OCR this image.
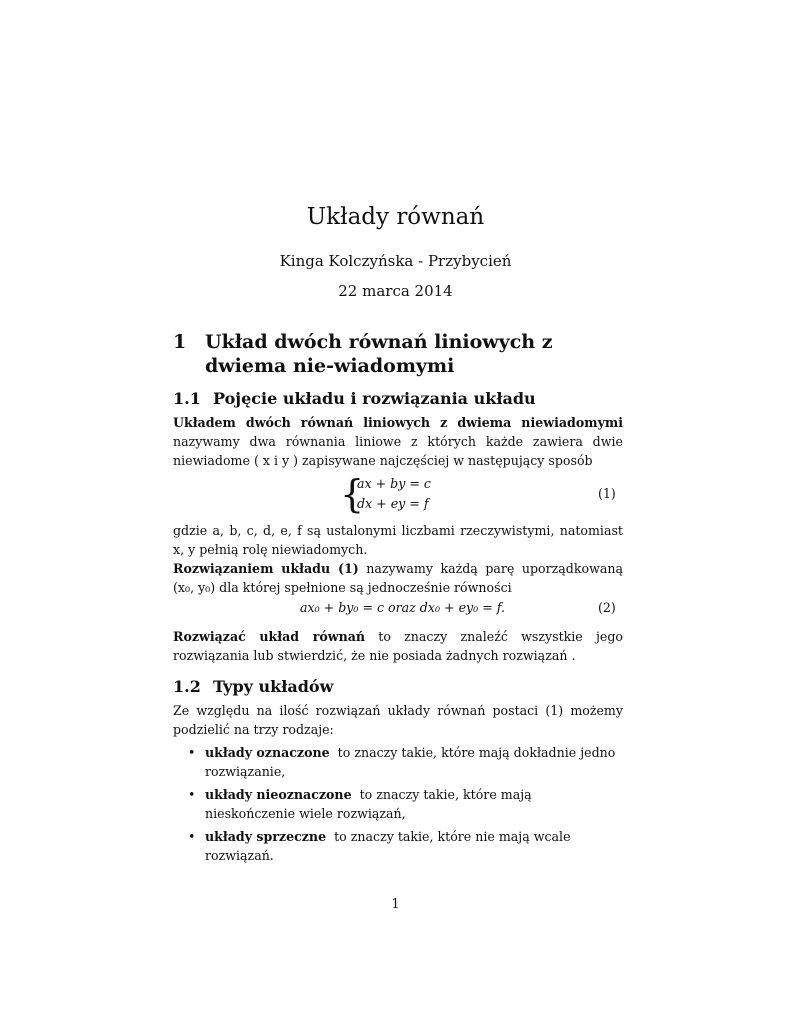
Układy równań
Kinga Kolczyńska - Przybycień
22 marca 2014
1 Układ dwóch równań liniowych z dwiema nie-wiadomymi
1.1 Pojęcie układu i rozwiązania układu
Układem dwóch równań liniowych z dwiema niewiadomymi nazywamy dwa równania liniowe z których każde zawiera dwie niewiadome ( x i y ) zapisywane najczęściej w następujący sposób
{
ax + by = c
dx + ey = f
(1)
gdzie a, b, c, d, e, f są ustalonymi liczbami rzeczywistymi, natomiast x, y pełnią rolę niewiadomych.
Rozwiązaniem układu (1) nazywamy każdą parę uporządkowaną (x₀, y₀) dla której spełnione są jednocześnie równości
ax₀ + by₀ = c oraz dx₀ + ey₀ = f.	(2)
Rozwiązać układ równań to znaczy znaleźć wszystkie jego rozwiązania lub stwierdzić, że nie posiada żadnych rozwiązań .
1.2 Typy układów
Ze względu na ilość rozwiązań układy równań postaci (1) możemy podzielić na trzy rodzaje:
• układy oznaczone to znaczy takie, które mają dokładnie jedno rozwiązanie,
• układy nieoznaczone to znaczy takie, które mają nieskończenie wiele rozwiązań,
• układy sprzeczne to znaczy takie, które nie mają wcale rozwiązań.
1
